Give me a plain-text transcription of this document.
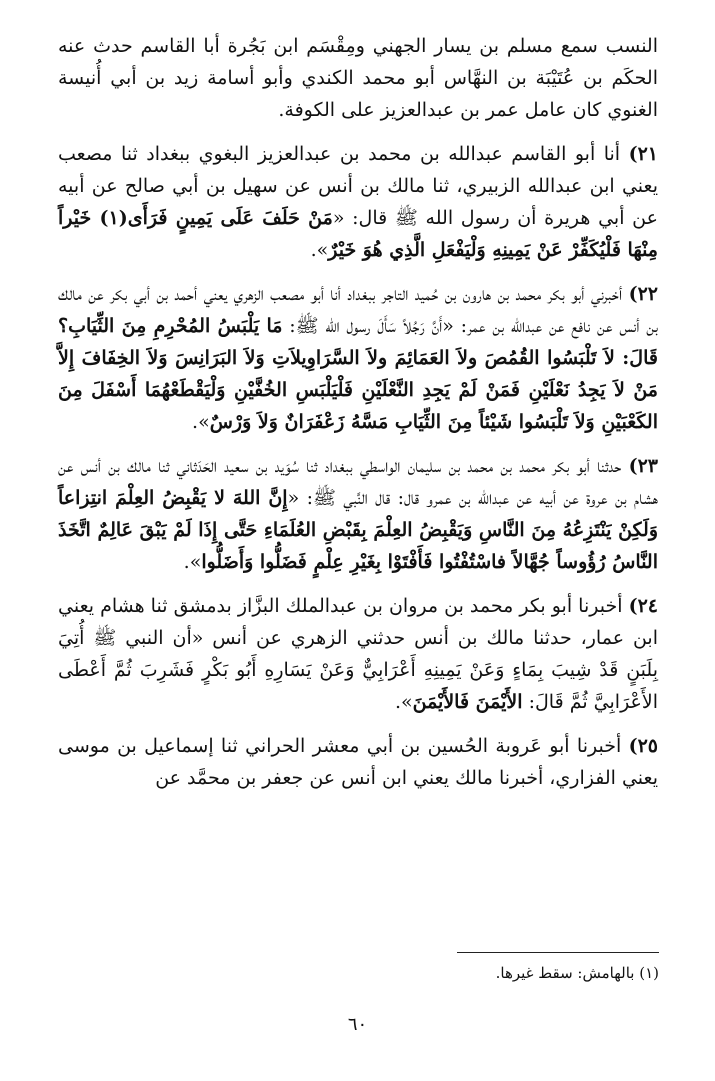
النسب سمع مسلم بن يسار الجهني ومِقْسَم ابن بَجُرة أبا القاسم حدث عنه الحكَم بن عُتَيْبَة بن النهَّاس أبو محمد الكندي وأبو أسامة زيد بن أبي أُنيسة الغنوي كان عامل عمر بن عبدالعزيز على الكوفة.

٢١) أنا أبو القاسم عبدالله بن محمد بن عبدالعزيز البغوي ببغداد ثنا مصعب يعني ابن عبدالله الزبيري، ثنا مالك بن أنس عن سهيل بن أبي صالح عن أبيه عن أبي هريرة أن رسول الله ﷺ قال: «مَنْ حَلَفَ عَلَى يَمِينٍ فَرَأَى(١) خَيْراً مِنْهَا فَلْيُكَفِّرْ عَنْ يَمِينِهِ وَلْيَفْعَلِ الَّذِي هُوَ خَيْرٌ».

٢٢) أخبرني أبو بكر محمد بن هارون بن حُميد التاجر ببغداد أنا أبو مصعب الزهري يعني أحمد بن أبي بكر عن مالك بن أنس عن نافع عن عبدالله بن عمر: «أَنَّ رَجُلاً سَأَلَ رسول الله ﷺ: مَا يَلْبَسُ المُحْرِمِ مِنَ الثِّيَابِ؟ قَالَ: لاَ تَلْبَسُوا القُمُصَ ولاَ العَمَائِمَ ولاَ السَّرَاوِيلاَتِ وَلاَ البَرَانِسَ وَلاَ الخِفَافَ إِلاَّ مَنْ لاَ يَجِدُ نَعْلَيْنِ فَمَنْ لَمْ يَجِدِ النَّعْلَيْنِ فَلْيَلْبَسِ الخُفَّيْنِ وَلْيَقْطَعْهُمَا أَسْفَلَ مِنَ الكَعْبَيْنِ وَلاَ تَلْبَسُوا شَيْئاً مِنَ الثِّيَابِ مَسَّهُ زَعْفَرَانٌ وَلاَ وَرْسٌ».

٢٣) حدثنا أبو بكر محمد بن محمد بن سليمان الواسطي ببغداد ثنا سُوَيد بن سعيد الحَدَثاني ثنا مالك بن أنس عن هشام بن عروة عن أبيه عن عبدالله بن عمرو قال: قال النَّبي ﷺ: «إِنَّ اللهَ لا يَقْبِضُ العِلْمَ انتِزاعاً وَلَكِنْ يَنْتَزِعُهُ مِنَ النَّاسِ وَيَقْبِضُ العِلْمَ بِقَبْضِ العُلَمَاءِ حَتَّى إِذَا لَمْ يَبْقَ عَالِمٌ اتَّخَذَ النَّاسُ رُؤُوساً جُهَّالاً فاسْتُفْتُوا فَأَفْتَوْا بِغَيْرِ عِلْمٍ فَضَلُّوا وَأَضَلُّوا».

٢٤) أخبرنا أبو بكر محمد بن مروان بن عبدالملك البزَّاز بدمشق ثنا هشام يعني ابن عمار، حدثنا مالك بن أنس حدثني الزهري عن أنس «أن النبي ﷺ أُتِيَ بِلَبَنٍ قَدْ شِيبَ بِمَاءٍ وَعَنْ يَمِينِهِ أَعْرَابِيٌّ وَعَنْ يَسَارِهِ أَبُو بَكْرٍ فَشَرِبَ ثُمَّ أَعْطَى الأَعْرَابِيَّ ثُمَّ قَالَ: الأَيْمَنَ فَالأَيْمَنَ».

٢٥) أخبرنا أبو عَروبة الحُسين بن أبي معشر الحراني ثنا إسماعيل بن موسى يعني الفزاري، أخبرنا مالك يعني ابن أنس عن جعفر بن محمَّد عن

(١) بالهامش: سقط غيرها.

٦٠
